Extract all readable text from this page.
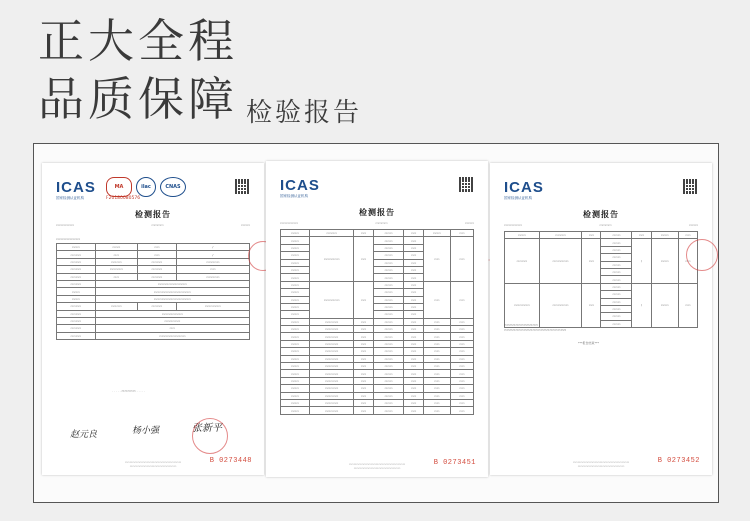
正大全程
品质保障 检验报告
ICAS
国家检测认证机构
MA	ilac	CNAS
F20180080576
检测报告
▭▭▭▭▭▭	▭▭▭▭	▭▭▭
▭▭▭▭▭▭▭▭
▭▭▭	▭▭▭	▭▭	/
▭▭▭▭	▭▭	▭▭	/
▭▭▭▭	▭▭▭▭	▭▭▭▭	▭▭▭▭▭
▭▭▭▭	▭▭▭▭▭	▭▭▭▭	▭▭
▭▭▭▭	▭▭	▭▭▭▭	▭▭▭▭▭
▭▭▭▭	▭▭▭▭▭▭▭▭▭▭▭		
▭▭▭	▭▭▭▭▭▭▭▭▭▭▭▭▭▭		
▭▭▭	▭▭▭▭▭▭▭▭▭▭▭▭▭▭		
▭▭▭▭	▭▭▭▭	▭▭▭▭	▭▭▭▭▭▭
▭▭▭▭	▭▭▭▭▭▭▭▭		
▭▭▭▭	▭▭▭▭▭▭		
▭▭▭▭	▭▭		
▭▭▭▭	▭▭▭▭▭▭▭▭▭▭		
· · · · · ▭▭▭▭▭ · · · · ·
赵元良	杨小强	张新平
▭▭▭▭▭▭▭▭▭▭▭▭▭▭▭▭▭▭▭▭▭▭▭
▭▭▭▭▭▭▭▭▭▭▭▭▭▭▭▭▭▭▭
B 0273448
ICAS
国家检测认证机构
检测报告
▭▭▭▭▭▭	▭▭▭▭	▭▭▭
▭▭▭	▭▭▭▭	▭▭	▭▭▭	▭▭	▭▭▭	▭▭
▭▭▭	▭▭▭▭▭▭	▭▭	▭▭▭	▭▭	▭▭	▭▭
▭▭▭			▭▭▭	▭▭		
▭▭▭			▭▭▭	▭▭		
▭▭▭			▭▭▭	▭▭		
▭▭▭			▭▭▭	▭▭		
▭▭▭			▭▭▭	▭▭		
▭▭▭	▭▭▭▭▭▭	▭▭	▭▭▭	▭▭	▭▭	▭▭
▭▭▭			▭▭▭	▭▭		
▭▭▭			▭▭▭	▭▭		
▭▭▭			▭▭▭	▭▭		
▭▭▭			▭▭▭	▭▭		
▭▭▭	▭▭▭▭▭	▭▭	▭▭▭	▭▭	▭▭	▭▭
▭▭▭	▭▭▭▭▭	▭▭	▭▭▭	▭▭	▭▭	▭▭
▭▭▭	▭▭▭▭▭	▭▭	▭▭▭	▭▭	▭▭	▭▭
▭▭▭	▭▭▭▭▭	▭▭	▭▭▭	▭▭	▭▭	▭▭
▭▭▭	▭▭▭▭▭	▭▭	▭▭▭	▭▭	▭▭	▭▭
▭▭▭	▭▭▭▭▭	▭▭	▭▭▭	▭▭	▭▭	▭▭
▭▭▭	▭▭▭▭▭	▭▭	▭▭▭	▭▭	▭▭	▭▭
▭▭▭	▭▭▭▭▭	▭▭	▭▭▭	▭▭	▭▭	▭▭
▭▭▭	▭▭▭▭▭	▭▭	▭▭▭	▭▭	▭▭	▭▭
▭▭▭	▭▭▭▭▭	▭▭	▭▭▭	▭▭	▭▭	▭▭
▭▭▭	▭▭▭▭▭	▭▭	▭▭▭	▭▭	▭▭	▭▭
▭▭▭	▭▭▭▭▭	▭▭	▭▭▭	▭▭	▭▭	▭▭
▭▭▭	▭▭▭▭▭	▭▭	▭▭▭	▭▭	▭▭	▭▭
▭▭▭▭▭▭▭▭▭▭▭▭▭▭▭▭▭▭▭▭▭▭▭
▭▭▭▭▭▭▭▭▭▭▭▭▭▭▭▭▭▭▭
B 0273451
ICAS
国家检测认证机构
检测报告
▭▭▭▭▭▭	▭▭▭▭	▭▭▭
▭▭▭	▭▭▭▭	▭▭	▭▭▭	▭▭	▭▭▭	▭▭
▭▭▭▭	▭▭▭▭▭▭	▭▭	▭▭▭	/	▭▭▭	▭▭
			▭▭▭			
			▭▭▭			
			▭▭▭			
			▭▭▭			
			▭▭▭			
▭▭▭▭▭▭	▭▭▭▭▭▭	▭▭	▭▭▭	/	▭▭▭	▭▭
			▭▭▭			
			▭▭▭			
			▭▭▭			
			▭▭▭			
			▭▭▭			
▭▭▭▭▭▭▭▭▭▭▭▭
▭▭▭▭▭▭▭▭▭▭▭▭▭▭▭▭▭▭▭▭▭▭
***报告结束***
▭▭▭▭▭▭▭▭▭▭▭▭▭▭▭▭▭▭▭▭▭▭▭
▭▭▭▭▭▭▭▭▭▭▭▭▭▭▭▭▭▭▭
B 0273452
